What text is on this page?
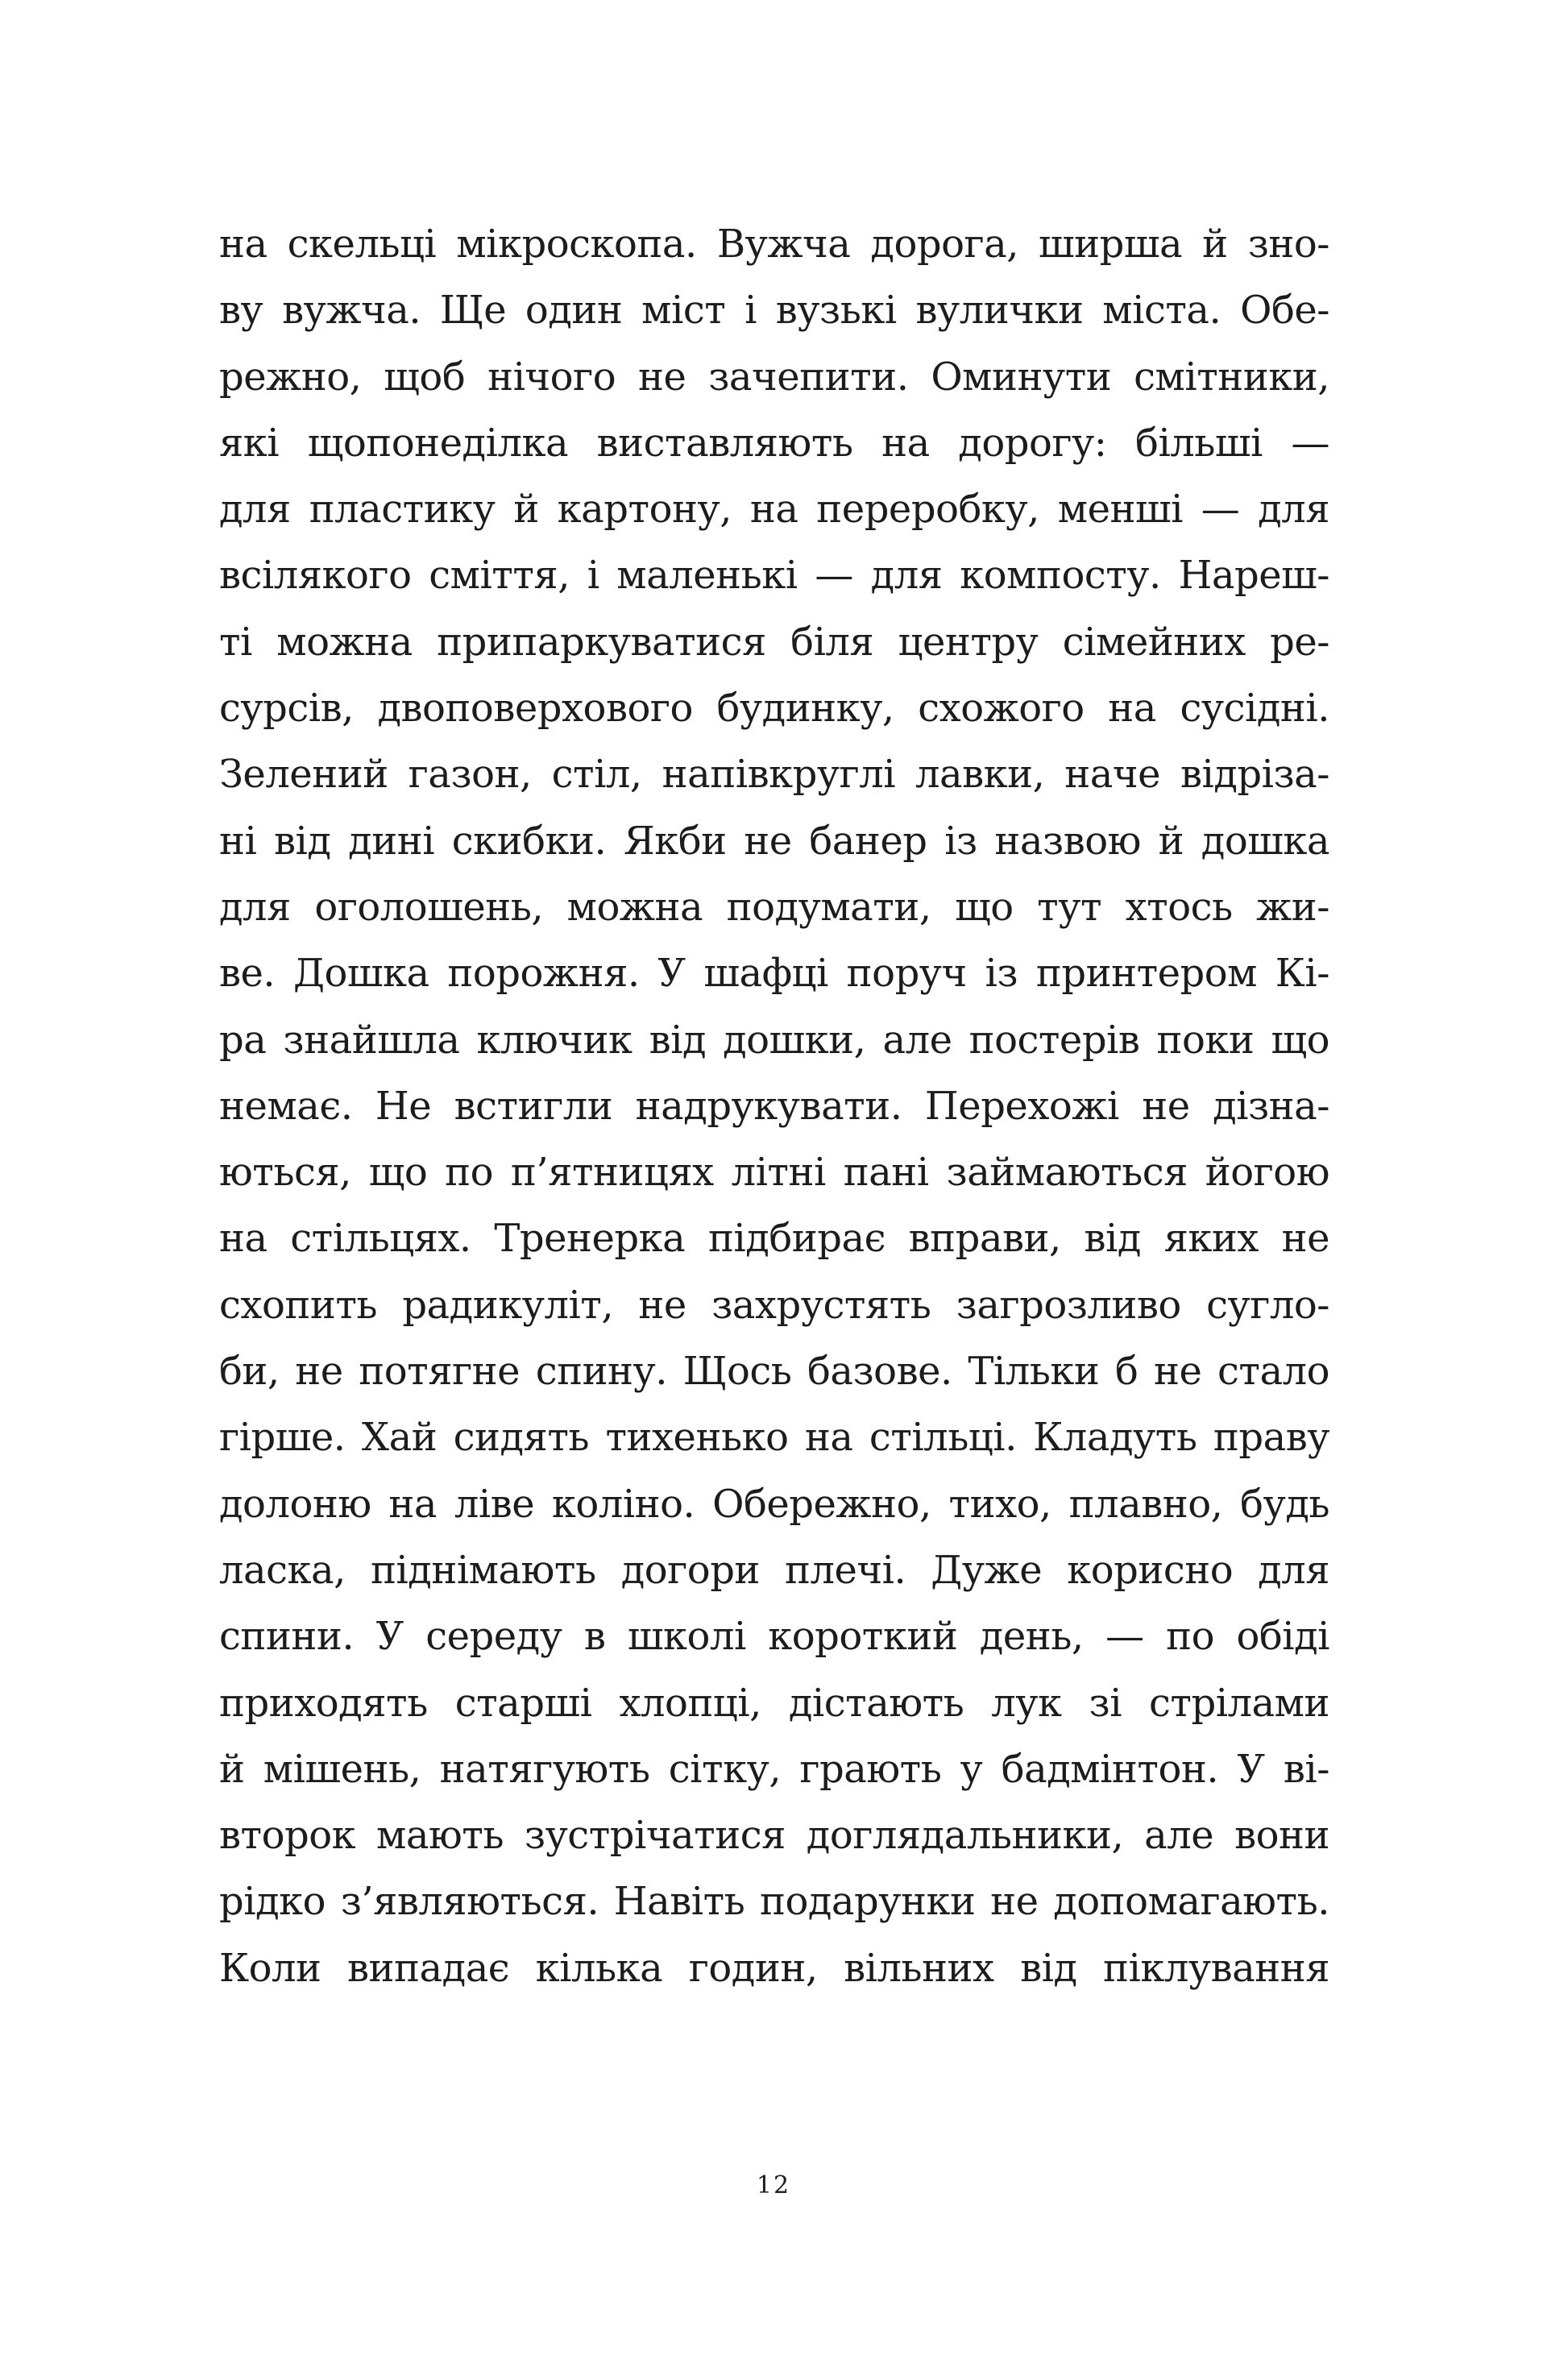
на скельці мікроскопа. Вужча дорога, ширша й зно-
ву вужча. Ще один міст і вузькі вулички міста. Обе-
режно, щоб нічого не зачепити. Оминути смітники,
які щопонеділка виставляють на дорогу: більші —
для пластику й картону, на переробку, менші — для
всілякого сміття, і маленькі — для компосту. Нареш-
ті можна припаркуватися біля центру сімейних ре-
сурсів, двоповерхового будинку, схожого на сусідні.
Зелений газон, стіл, напівкруглі лавки, наче відріза-
ні від дині скибки. Якби не банер із назвою й дошка
для оголошень, можна подумати, що тут хтось жи-
ве. Дошка порожня. У шафці поруч із принтером Кі-
ра знайшла ключик від дошки, але постерів поки що
немає. Не встигли надрукувати. Перехожі не дізна-
ються, що по п’ятницях літні пані займаються йогою
на стільцях. Тренерка підбирає вправи, від яких не
схопить радикуліт, не захрустять загрозливо сугло-
би, не потягне спину. Щось базове. Тільки б не стало
гірше. Хай сидять тихенько на стільці. Кладуть праву
долоню на ліве коліно. Обережно, тихо, плавно, будь
ласка, піднімають догори плечі. Дуже корисно для
спини. У середу в школі короткий день, — по обіді
приходять старші хлопці, дістають лук зі стрілами
й мішень, натягують сітку, грають у бадмінтон. У ві-
второк мають зустрічатися доглядальники, але вони
рідко з’являються. Навіть подарунки не допомагають.
Коли випадає кілька годин, вільних від піклування
12
